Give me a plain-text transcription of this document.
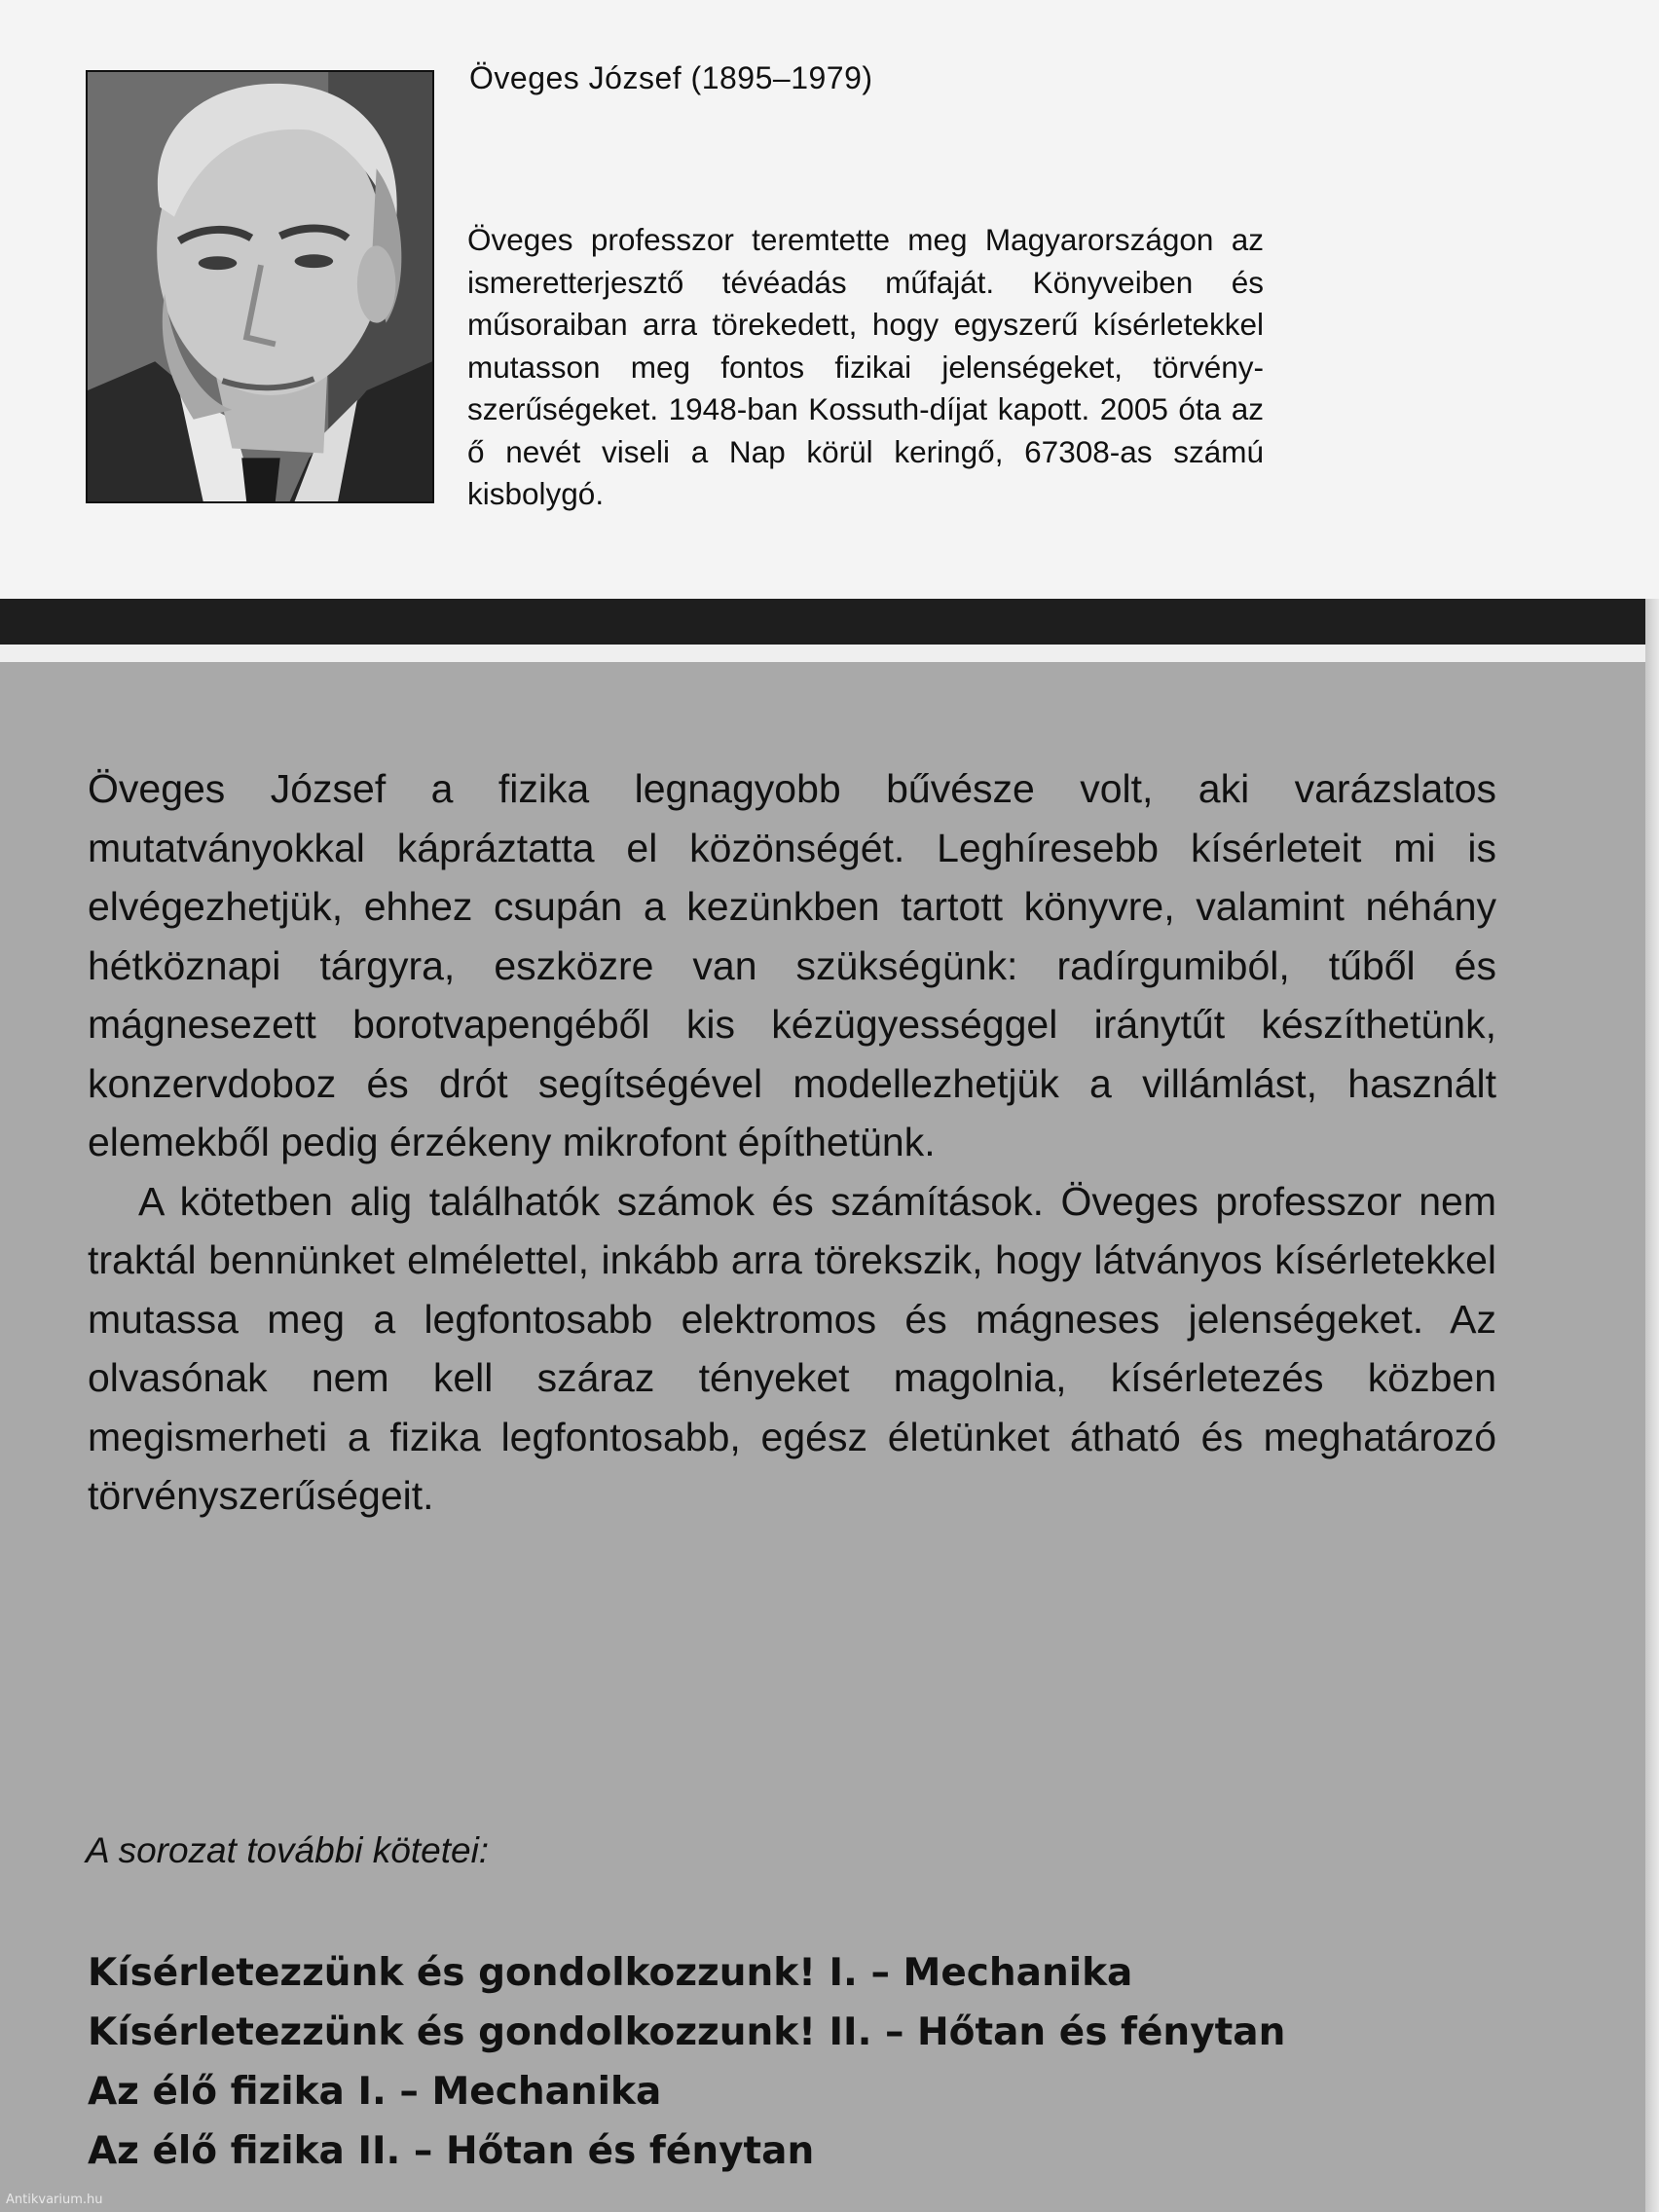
Öveges József (1895–1979)
Öveges professzor teremtette meg Magyarországon az ismeretterjesztő tévéadás műfaját. Könyveiben és műsoraiban arra törekedett, hogy egyszerű kísérletekkel mutasson meg fontos fizikai jelenségeket, törvényszerűségeket. 1948-ban Kossuth-díjat kapott. 2005 óta az ő nevét viseli a Nap körül keringő, 67308-as számú kisbolygó.

Öveges József a fizika legnagyobb bűvésze volt, aki varázslatos mutatványokkal kápráztatta el közönségét. Leghíresebb kísérleteit mi is elvégezhetjük, ehhez csupán a kezünkben tartott könyvre, valamint néhány hétköznapi tárgyra, eszközre van szükségünk: radírgumiból, tűből és mágnesezett borotvapengéből kis kézügyességgel iránytűt készíthetünk, konzervdoboz és drót segítségével modellezhetjük a villámlást, használt elemekből pedig érzékeny mikrofont építhetünk.

A kötetben alig találhatók számok és számítások. Öveges professzor nem traktál bennünket elmélettel, inkább arra törekszik, hogy látványos kísérletekkel mutassa meg a legfontosabb elektromos és mágneses jelenségeket. Az olvasónak nem kell száraz tényeket magolnia, kísérletezés közben megismerheti a fizika legfontosabb, egész életünket átható és meghatározó törvényszerűségeit.

A sorozat további kötetei:
Kísérletezzünk és gondolkozzunk! I. – Mechanika
Kísérletezzünk és gondolkozzunk! II. – Hőtan és fénytan
Az élő fizika I. – Mechanika
Az élő fizika II. – Hőtan és fénytan
Antikvarium.hu
